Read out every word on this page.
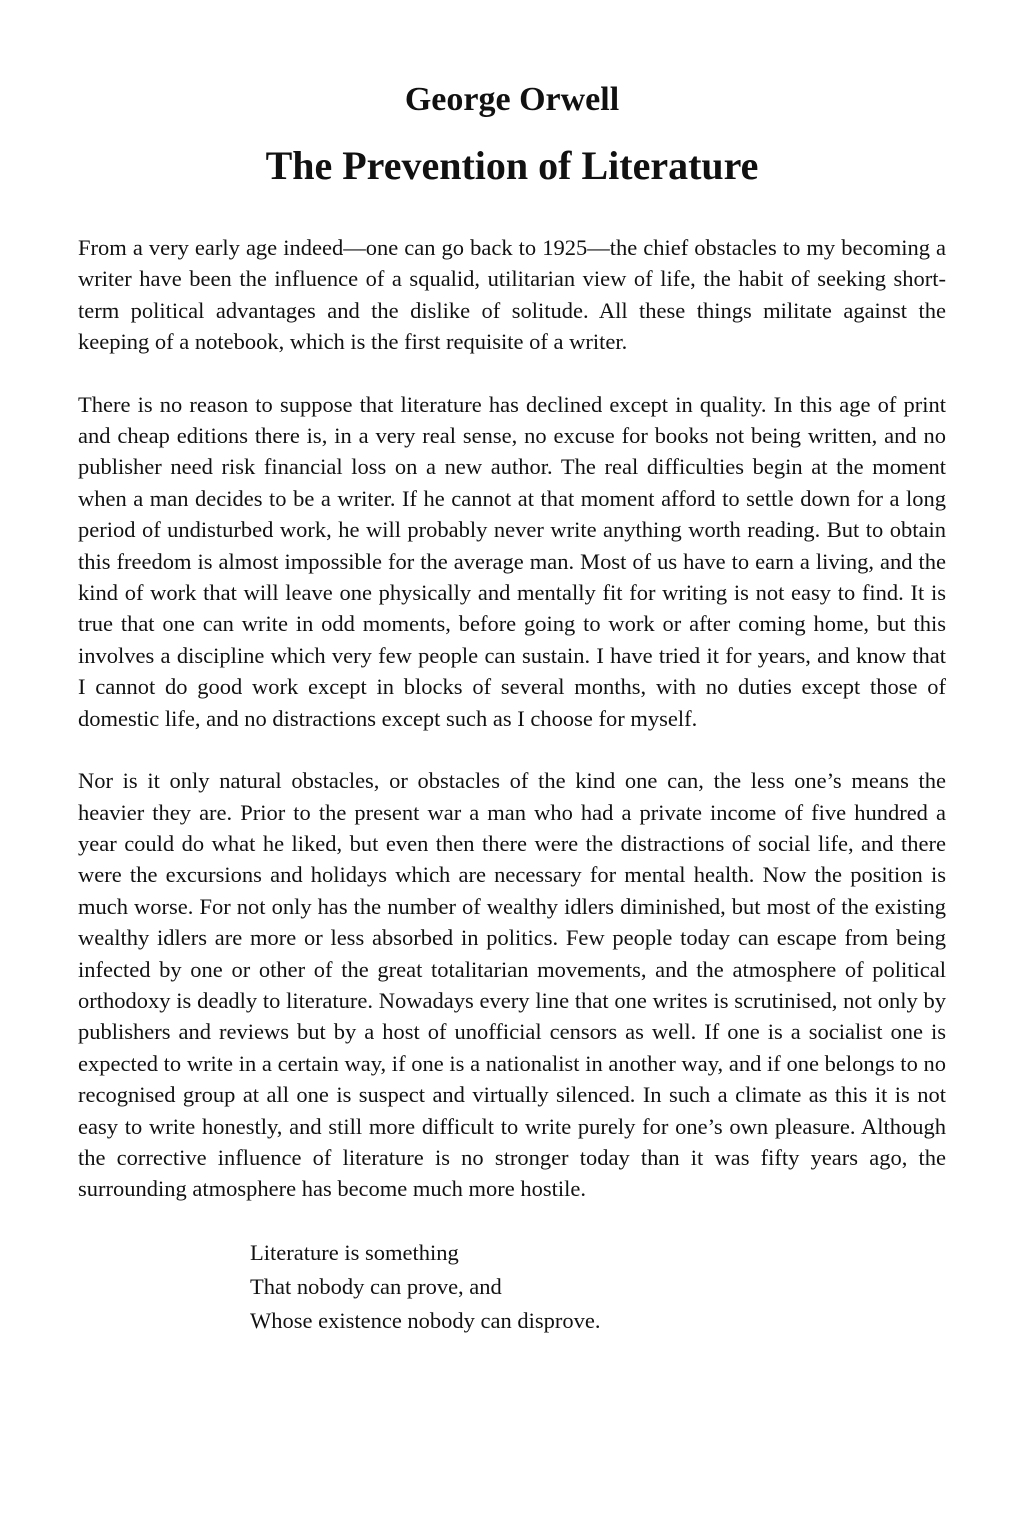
George Orwell
The Prevention of Literature

From a very early age indeed—one can go back to 1925—the chief obstacles to my becoming a writer have been the influence of a squalid, utilitarian view of life, the habit of seeking short-term political advantages and the dislike of solitude. All these things militate against the keeping of a notebook, which is the first requisite of a writer.

There is no reason to suppose that literature has declined except in quality. In this age of print and cheap editions there is, in a very real sense, no excuse for books not being written, and no publisher need risk financial loss on a new author. The real difficulties begin at the moment when a man decides to be a writer. If he cannot at that moment afford to settle down for a long period of undisturbed work, he will probably never write anything worth reading. But to obtain this freedom is almost impossible for the average man. Most of us have to earn a living, and the kind of work that will leave one physically and mentally fit for writing is not easy to find. It is true that one can write in odd moments, before going to work or after coming home, but this involves a discipline which very few people can sustain. I have tried it for years, and know that I cannot do good work except in blocks of several months, with no duties except those of domestic life, and no distractions except such as I choose for myself.

Nor is it only natural obstacles, or obstacles of the kind one can, the less one’s means the heavier they are. Prior to the present war a man who had a private income of five hundred a year could do what he liked, but even then there were the distractions of social life, and there were the excursions and holidays which are necessary for mental health. Now the position is much worse. For not only has the number of wealthy idlers diminished, but most of the existing wealthy idlers are more or less absorbed in politics. Few people today can escape from being infected by one or other of the great totalitarian movements, and the atmosphere of political orthodoxy is deadly to literature. Nowadays every line that one writes is scrutinised, not only by publishers and reviews but by a host of unofficial censors as well. If one is a socialist one is expected to write in a certain way, if one is a nationalist in another way, and if one belongs to no recognised group at all one is suspect and virtually silenced. In such a climate as this it is not easy to write honestly, and still more difficult to write purely for one’s own pleasure. Although the corrective influence of literature is no stronger today than it was fifty years ago, the surrounding atmosphere has become much more hostile.

Literature is something
That nobody can prove, and
Whose existence nobody can disprove.
